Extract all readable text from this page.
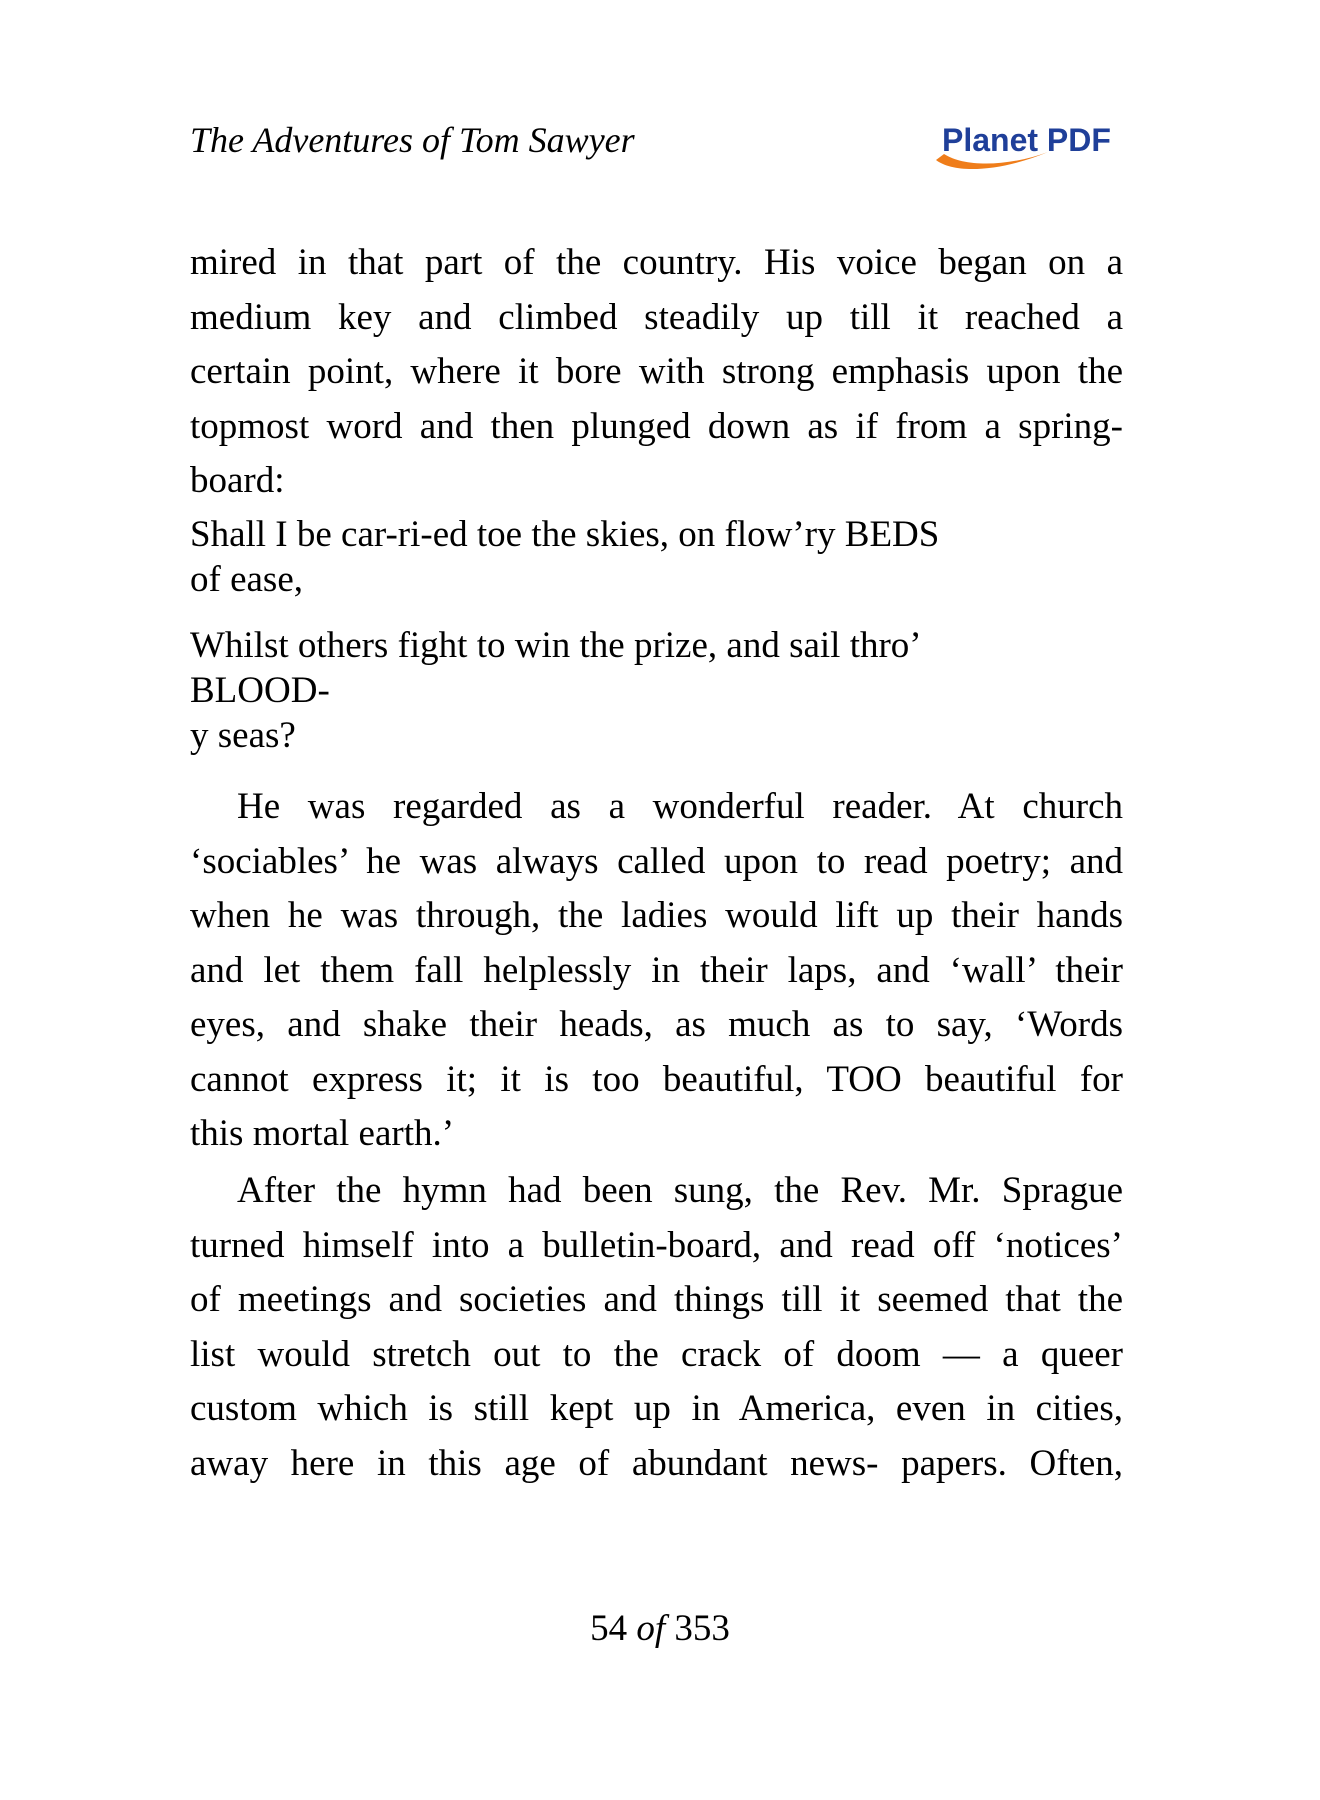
The Adventures of Tom Sawyer	Planet PDF

mired in that part of the country. His voice began on a

medium key and climbed steadily up till it reached a

certain point, where it bore with strong emphasis upon the

topmost word and then plunged down as if from a spring-

board:

Shall I be car-ri-ed toe the skies, on flow’ry BEDS

of ease,

Whilst others fight to win the prize, and sail thro’

BLOOD-

y seas?

He was regarded as a wonderful reader. At church

‘sociables’ he was always called upon to read poetry; and

when he was through, the ladies would lift up their hands

and let them fall helplessly in their laps, and ‘wall’ their

eyes, and shake their heads, as much as to say, ‘Words

cannot express it; it is too beautiful, TOO beautiful for

this mortal earth.’

After the hymn had been sung, the Rev. Mr. Sprague

turned himself into a bulletin-board, and read off ‘notices’

of meetings and societies and things till it seemed that the

list would stretch out to the crack of doom — a queer

custom which is still kept up in America, even in cities,

away here in this age of abundant news- papers. Often,

54 of 353
